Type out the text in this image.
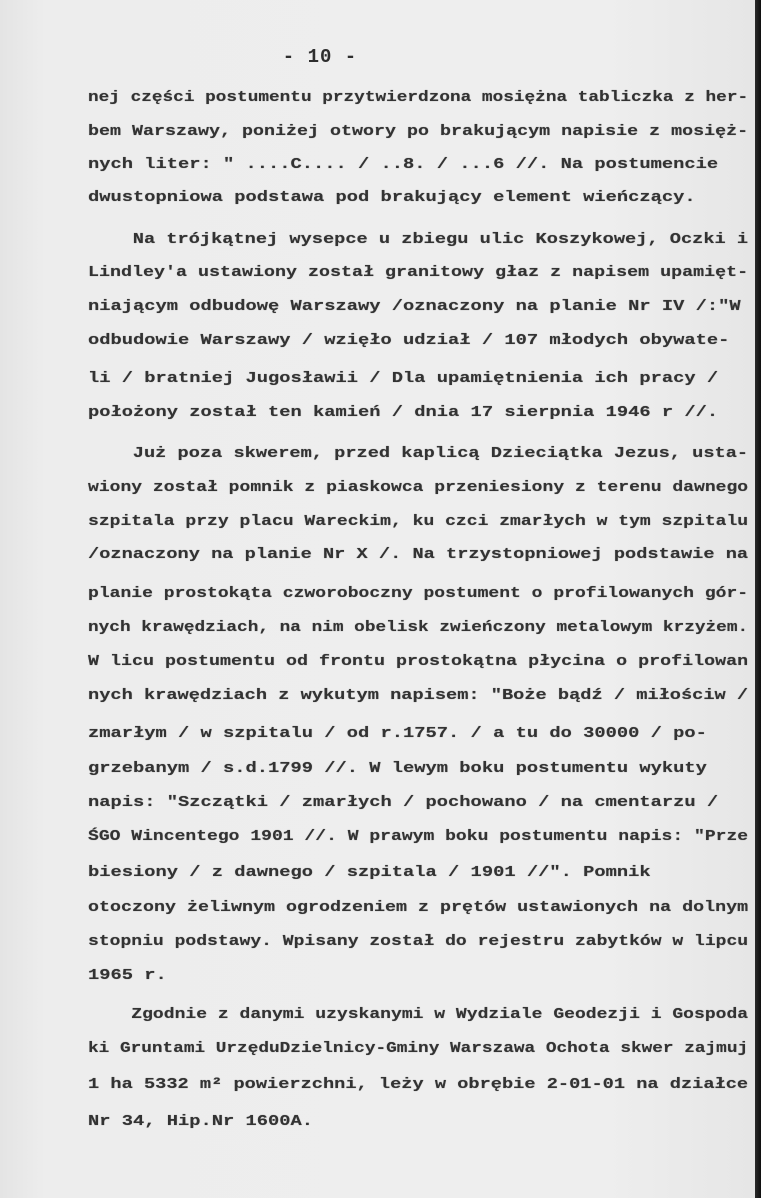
- 10 -
nej części postumentu przytwierdzona mosiężna tabliczka z her-
bem Warszawy, poniżej otwory po brakującym napisie z mosięż-
nych liter: " ....C.... / ..8. / ...6 //. Na postumencie
dwustopniowa podstawa pod brakujący element wieńczący.
Na trójkątnej wysepce u zbiegu ulic Koszykowej, Oczki i
Lindley'a ustawiony został granitowy głaz z napisem upamięt-
niającym odbudowę Warszawy /oznaczony na planie Nr IV /:"W
odbudowie Warszawy / wzięło udział / 107 młodych obywate-
li / bratniej Jugosławii / Dla upamiętnienia ich pracy /
położony został ten kamień / dnia 17 sierpnia 1946 r //.
Już poza skwerem, przed kaplicą Dzieciątka Jezus, usta-
wiony został pomnik z piaskowca przeniesiony z terenu dawnego
szpitala przy placu Wareckim, ku czci zmarłych w tym szpitalu
/oznaczony na planie Nr X /. Na trzystopniowej podstawie na
planie prostokąta czworoboczny postument o profilowanych gór-
nych krawędziach, na nim obelisk zwieńczony metalowym krzyżem.
W licu postumentu od frontu prostokątna płycina o profilowan
nych krawędziach z wykutym napisem: "Boże bądź / miłościw /
zmarłym / w szpitalu / od r.1757. / a tu do 30000 / po-
grzebanym / s.d.1799 //. W lewym boku postumentu wykuty
napis: "Szczątki / zmarłych / pochowano / na cmentarzu /
ŚGO Wincentego 1901 //. W prawym boku postumentu napis: "Prze
biesiony / z dawnego / szpitala / 1901 //". Pomnik
otoczony żeliwnym ogrodzeniem z prętów ustawionych na dolnym
stopniu podstawy. Wpisany został do rejestru zabytków w lipcu
1965 r.
Zgodnie z danymi uzyskanymi w Wydziale Geodezji i Gospoda
ki Gruntami UrzęduDzielnicy-Gminy Warszawa Ochota skwer zajmuj
1 ha 5332 m² powierzchni, leży w obrębie 2-01-01 na działce
Nr 34, Hip.Nr 1600A.
